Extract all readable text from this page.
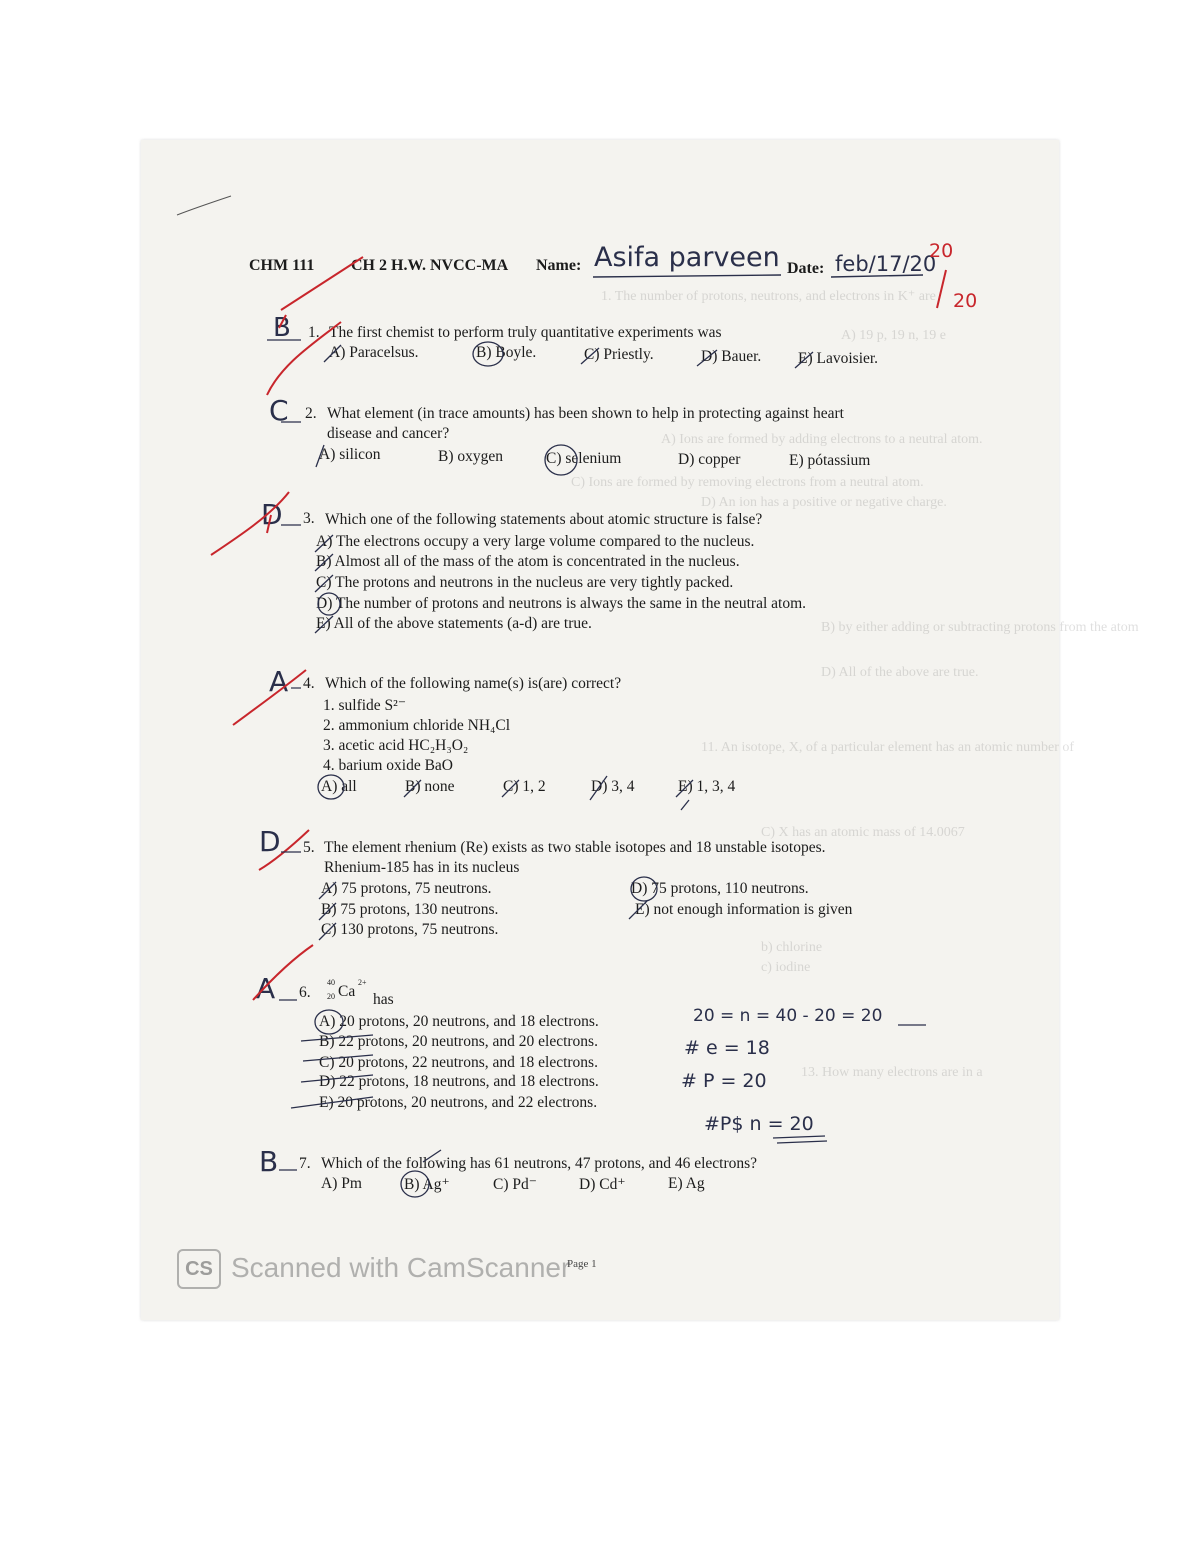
1. The number of protons, neutrons, and electrons in K⁺ are
A) 19 p, 19 n, 19 e
A) Ions are formed by adding electrons to a neutral atom.
C) Ions are formed by removing electrons from a neutral atom.
D) An ion has a positive or negative charge.
B) by either adding or subtracting protons from the atom
D) All of the above are true.
11. An isotope, X, of a particular element has an atomic number of
C) X has an atomic mass of 14.0067
b) chlorine
c) iodine
13. How many electrons are in a
CHM 111 CH 2 H.W. NVCC-MA Name: Asifa parveen Date: feb/17/20
20
20
B 1. The first chemist to perform truly quantitative experiments was
A) Paracelsus.	B) Boyle.	C) Priestly.	D) Bauer. E) Lavoisier.
C 2. What element (in trace amounts) has been shown to help in protecting against heart
disease and cancer?
A) silicon	B) oxygen	C) selenium	D) copper	E) pótassium
D 3. Which one of the following statements about atomic structure is false?
A) The electrons occupy a very large volume compared to the nucleus.
B) Almost all of the mass of the atom is concentrated in the nucleus.
C) The protons and neutrons in the nucleus are very tightly packed.
D) The number of protons and neutrons is always the same in the neutral atom.
E) All of the above statements (a-d) are true.
A 4. Which of the following name(s) is(are) correct?
1. sulfide S²⁻
2. ammonium chloride NH₄Cl
3. acetic acid HC₂H₃O₂
4. barium oxide BaO
A) all	B) none	C) 1, 2	D) 3, 4	E) 1, 3, 4
D 5. The element rhenium (Re) exists as two stable isotopes and 18 unstable isotopes.
Rhenium-185 has in its nucleus
A) 75 protons, 75 neutrons.
B) 75 protons, 130 neutrons.
C) 130 protons, 75 neutrons.
D) 75 protons, 110 neutrons.
E) not enough information is given
A 6.
40
20 Ca
2+
has
A) 20 protons, 20 neutrons, and 18 electrons.
B) 22 protons, 20 neutrons, and 20 electrons.
C) 20 protons, 22 neutrons, and 18 electrons.
D) 22 protons, 18 neutrons, and 18 electrons.
E) 20 protons, 20 neutrons, and 22 electrons.
20 = n = 40 - 20 = 20
# e = 18
# P = 20
#P$ n = 20
B 7. Which of the following has 61 neutrons, 47 protons, and 46 electrons?
A) Pm	B) Ag⁺	C) Pd⁻	D) Cd⁺	E) Ag
CS Scanned with CamScanner
Page 1
